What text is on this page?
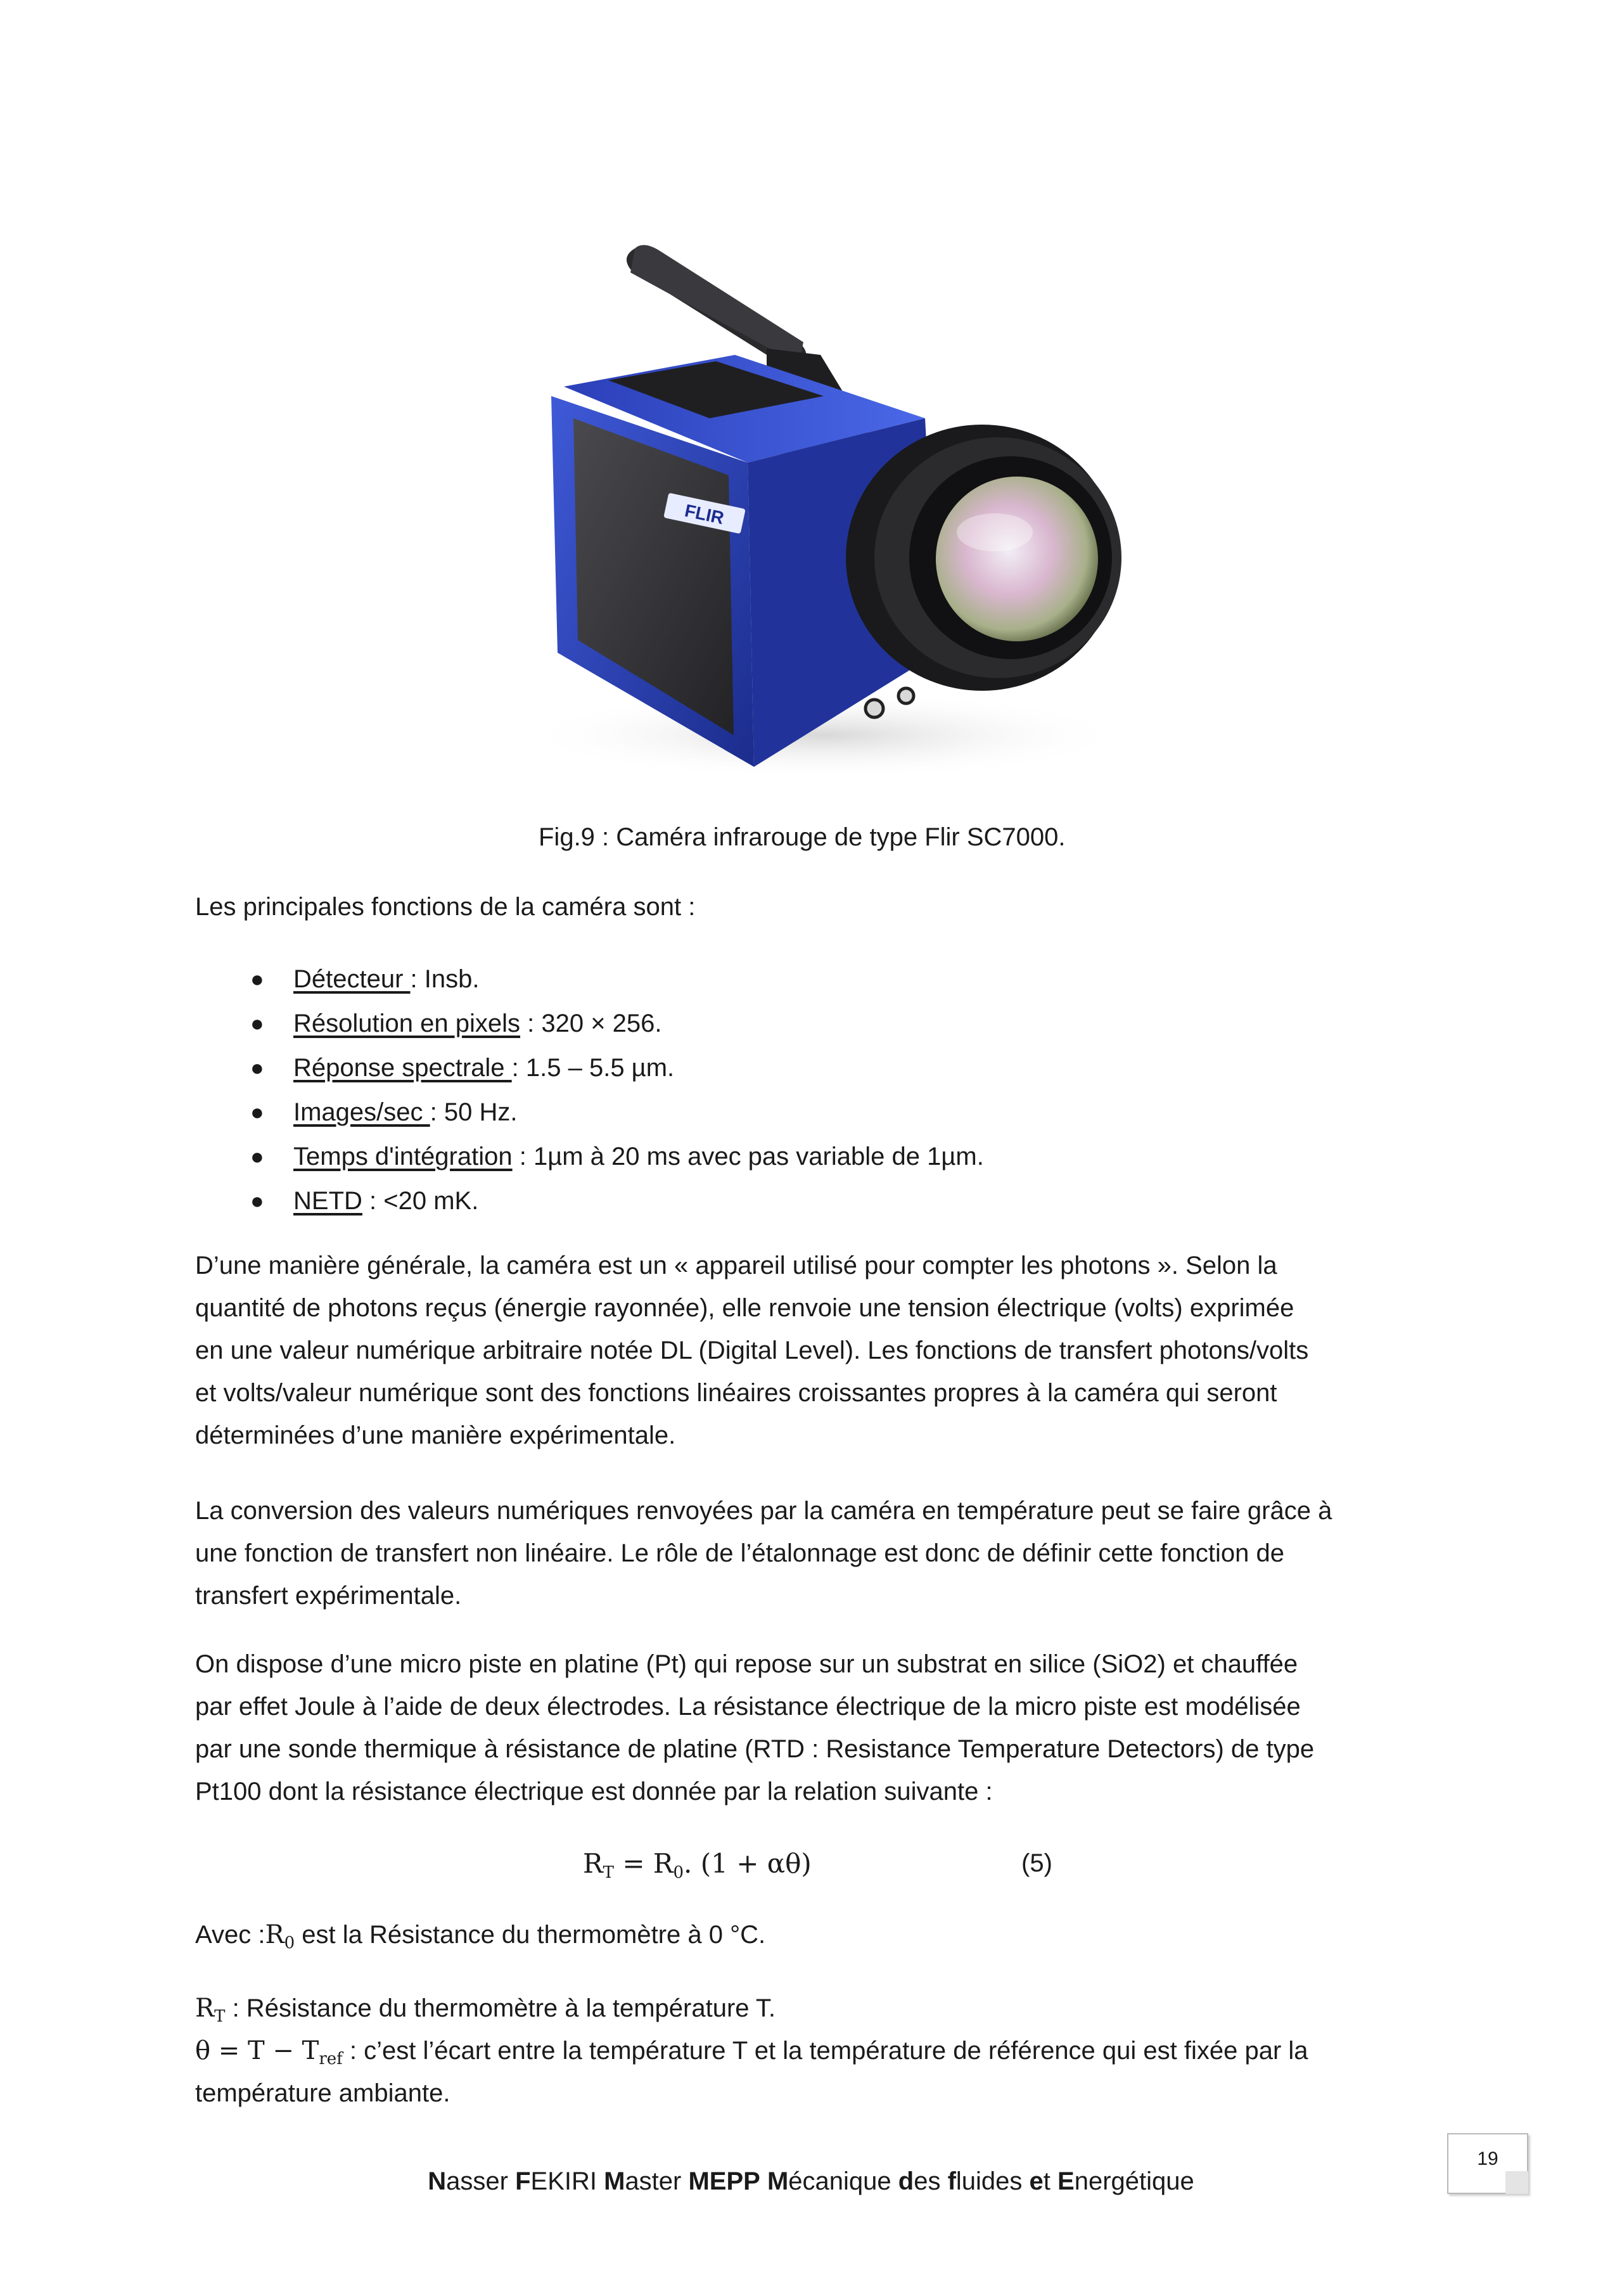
FLIR
Fig.9 : Caméra infrarouge de type Flir SC7000.
Les principales fonctions de la caméra sont :
● Détecteur : Insb.
● Résolution en pixels : 320 × 256.
● Réponse spectrale : 1.5 – 5.5 µm.
● Images/sec : 50 Hz.
● Temps d'intégration : 1µm à 20 ms avec pas variable de 1µm.
● NETD : <20 mK.
D’une manière générale, la caméra est un « appareil utilisé pour compter les photons ». Selon la
quantité de photons reçus (énergie rayonnée), elle renvoie une tension électrique (volts) exprimée
en une valeur numérique arbitraire notée DL (Digital Level). Les fonctions de transfert photons/volts
et volts/valeur numérique sont des fonctions linéaires croissantes propres à la caméra qui seront
déterminées d’une manière expérimentale.
La conversion des valeurs numériques renvoyées par la caméra en température peut se faire grâce à
une fonction de transfert non linéaire. Le rôle de l’étalonnage est donc de définir cette fonction de
transfert expérimentale.
On dispose d’une micro piste en platine (Pt) qui repose sur un substrat en silice (SiO2) et chauffée
par effet Joule à l’aide de deux électrodes. La résistance électrique de la micro piste est modélisée
par une sonde thermique à résistance de platine (RTD : Resistance Temperature Detectors) de type
Pt100 dont la résistance électrique est donnée par la relation suivante :
$R_T = R_0$. (1 + αθ)	(5)
Avec $:R_0$ est la Résistance du thermomètre à 0 °C.
$R_T$ : Résistance du thermomètre à la température T.
$\theta = T - T_{ref}$ : c’est l’écart entre la température T et la température de référence qui est fixée par la
température ambiante.
19
Nasser FEKIRI Master MEPP Mécanique des fluides et Energétique
